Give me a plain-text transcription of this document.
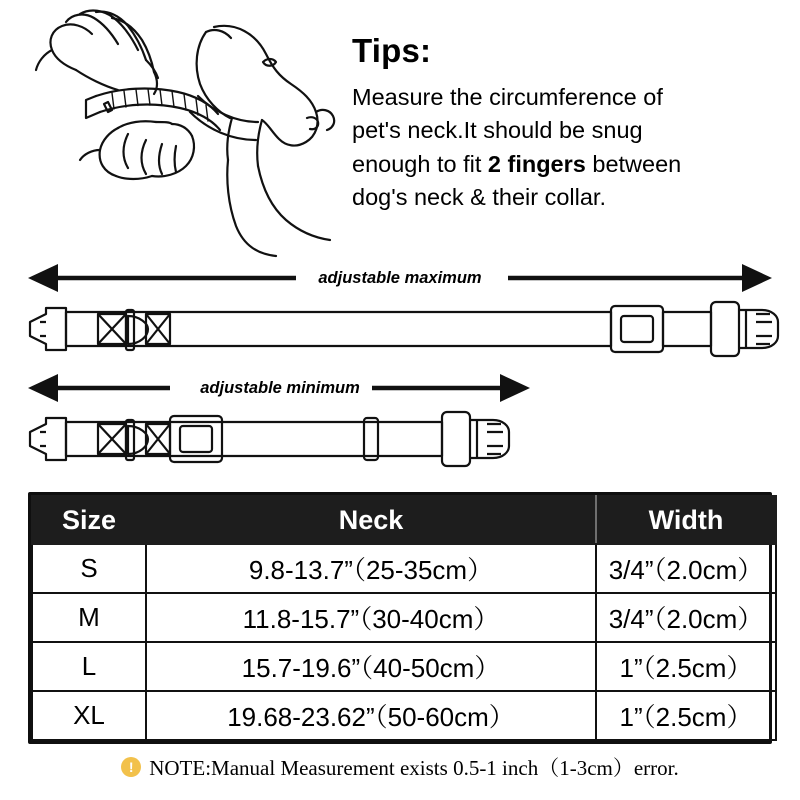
Tips:
Measure the circumference of
pet's neck.It should be snug
enough to fit 2 fingers between
dog's neck & their collar.
adjustable maximum
adjustable minimum
Size	Neck	Width
S	9.8-13.7”（25-35cm）	3/4”（2.0cm）
M	11.8-15.7”（30-40cm）	3/4”（2.0cm）
L	15.7-19.6”（40-50cm）	1”（2.5cm）
XL	19.68-23.62”（50-60cm）	1”（2.5cm）
! NOTE:Manual Measurement exists 0.5-1 inch（1-3cm）error.
